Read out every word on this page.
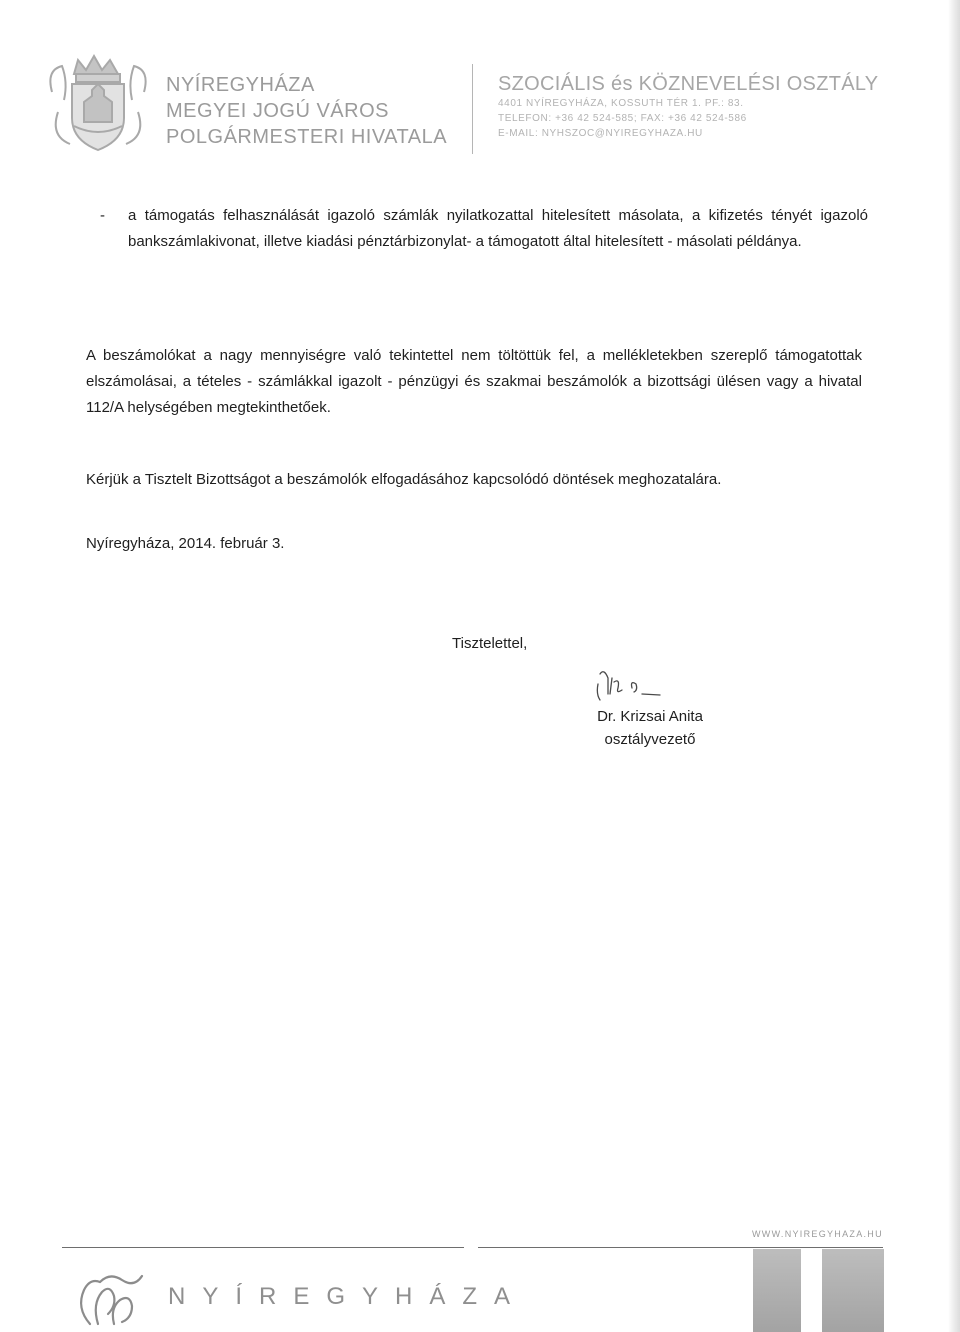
NYÍREGYHÁZA
MEGYEI JOGÚ VÁROS
POLGÁRMESTERI HIVATALA
SZOCIÁLIS és KÖZNEVELÉSI OSZTÁLY
4401 NYÍREGYHÁZA, KOSSUTH TÉR 1. PF.: 83.
TELEFON: +36 42 524-585; FAX: +36 42 524-586
E-MAIL: NYHSZOC@NYIREGYHAZA.HU
- a támogatás felhasználását igazoló számlák nyilatkozattal hitelesített másolata, a kifizetés tényét igazoló bankszámlakivonat, illetve kiadási pénztárbizonylat- a támogatott által hitelesített - másolati példánya.
A beszámolókat a nagy mennyiségre való tekintettel nem töltöttük fel, a mellékletekben szereplő támogatottak elszámolásai, a tételes - számlákkal igazolt - pénzügyi és szakmai beszámolók a bizottsági ülésen vagy a hivatal 112/A helységében megtekinthetőek.
Kérjük a Tisztelt Bizottságot a beszámolók elfogadásához kapcsolódó döntések meghozatalára.
Nyíregyháza, 2014. február 3.
Tisztelettel,
Dr. Krizsai Anita
osztályvezető
WWW.NYIREGYHAZA.HU
NYÍREGYHÁZA
